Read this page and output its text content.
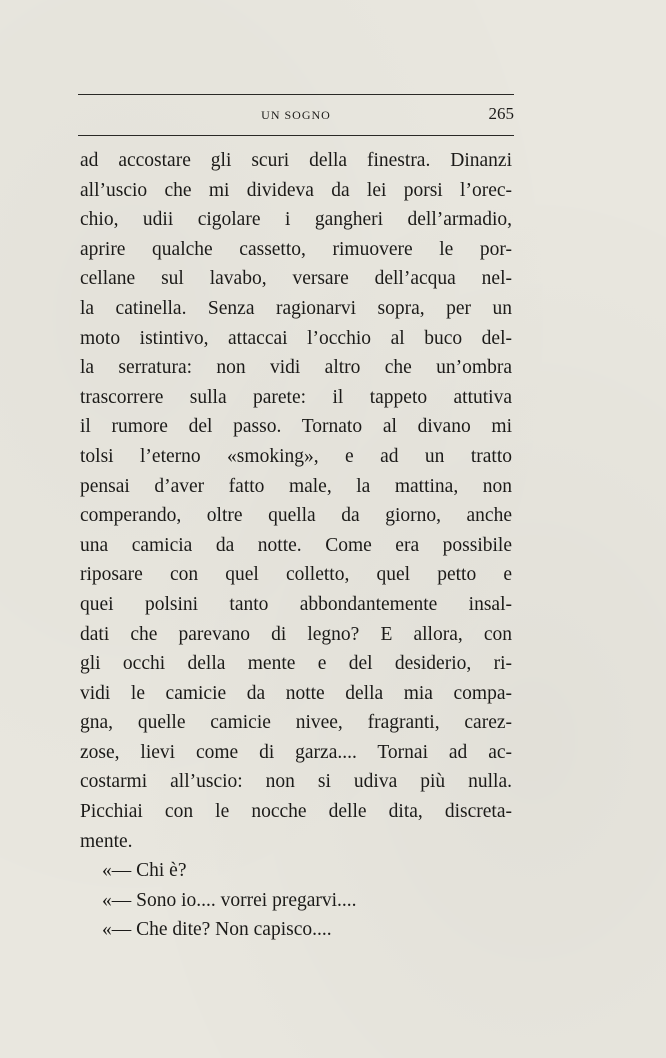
UN SOGNO	265
ad accostare gli scuri della finestra. Dinanzi
all’uscio che mi divideva da lei porsi l’orec-
chio, udii cigolare i gangheri dell’armadio,
aprire qualche cassetto, rimuovere le por-
cellane sul lavabo, versare dell’acqua nel-
la catinella. Senza ragionarvi sopra, per un
moto istintivo, attaccai l’occhio al buco del-
la serratura: non vidi altro che un’ombra
trascorrere sulla parete: il tappeto attutiva
il rumore del passo. Tornato al divano mi
tolsi l’eterno «smoking», e ad un tratto
pensai d’aver fatto male, la mattina, non
comperando, oltre quella da giorno, anche
una camicia da notte. Come era possibile
riposare con quel colletto, quel petto e
quei polsini tanto abbondantemente insal-
dati che parevano di legno? E allora, con
gli occhi della mente e del desiderio, ri-
vidi le camicie da notte della mia compa-
gna, quelle camicie nivee, fragranti, carez-
zose, lievi come di garza.... Tornai ad ac-
costarmi all’uscio: non si udiva più nulla.
Picchiai con le nocche delle dita, discreta-
mente.
«— Chi è?
«— Sono io.... vorrei pregarvi....
«— Che dite? Non capisco....
